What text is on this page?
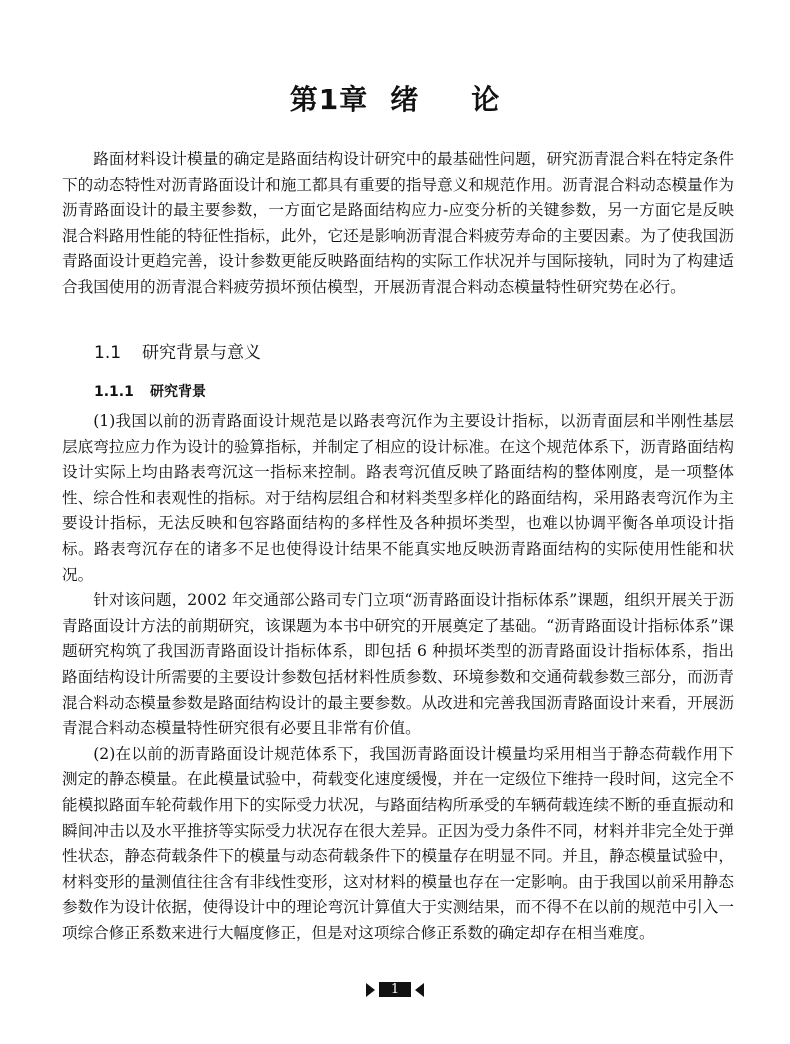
第1章 绪 论

路面材料设计模量的确定是路面结构设计研究中的最基础性问题，研究沥青混合料在特定条件下的动态特性对沥青路面设计和施工都具有重要的指导意义和规范作用。沥青混合料动态模量作为沥青路面设计的最主要参数，一方面它是路面结构应力-应变分析的关键参数，另一方面它是反映混合料路用性能的特征性指标，此外，它还是影响沥青混合料疲劳寿命的主要因素。为了使我国沥青路面设计更趋完善，设计参数更能反映路面结构的实际工作状况并与国际接轨，同时为了构建适合我国使用的沥青混合料疲劳损坏预估模型，开展沥青混合料动态模量特性研究势在必行。

1.1 研究背景与意义
1.1.1 研究背景

(1)我国以前的沥青路面设计规范是以路表弯沉作为主要设计指标，以沥青面层和半刚性基层层底弯拉应力作为设计的验算指标，并制定了相应的设计标准。在这个规范体系下，沥青路面结构设计实际上均由路表弯沉这一指标来控制。路表弯沉值反映了路面结构的整体刚度，是一项整体性、综合性和表观性的指标。对于结构层组合和材料类型多样化的路面结构，采用路表弯沉作为主要设计指标，无法反映和包容路面结构的多样性及各种损坏类型，也难以协调平衡各单项设计指标。路表弯沉存在的诸多不足也使得设计结果不能真实地反映沥青路面结构的实际使用性能和状况。

针对该问题，2002 年交通部公路司专门立项“沥青路面设计指标体系”课题，组织开展关于沥青路面设计方法的前期研究，该课题为本书中研究的开展奠定了基础。“沥青路面设计指标体系”课题研究构筑了我国沥青路面设计指标体系，即包括 6 种损坏类型的沥青路面设计指标体系，指出路面结构设计所需要的主要设计参数包括材料性质参数、环境参数和交通荷载参数三部分，而沥青混合料动态模量参数是路面结构设计的最主要参数。从改进和完善我国沥青路面设计来看，开展沥青混合料动态模量特性研究很有必要且非常有价值。

(2)在以前的沥青路面设计规范体系下，我国沥青路面设计模量均采用相当于静态荷载作用下测定的静态模量。在此模量试验中，荷载变化速度缓慢，并在一定级位下维持一段时间，这完全不能模拟路面车轮荷载作用下的实际受力状况，与路面结构所承受的车辆荷载连续不断的垂直振动和瞬间冲击以及水平推挤等实际受力状况存在很大差异。正因为受力条件不同，材料并非完全处于弹性状态，静态荷载条件下的模量与动态荷载条件下的模量存在明显不同。并且，静态模量试验中，材料变形的量测值往往含有非线性变形，这对材料的模量也存在一定影响。由于我国以前采用静态参数作为设计依据，使得设计中的理论弯沉计算值大于实测结果，而不得不在以前的规范中引入一项综合修正系数来进行大幅度修正，但是对这项综合修正系数的确定却存在相当难度。

1
